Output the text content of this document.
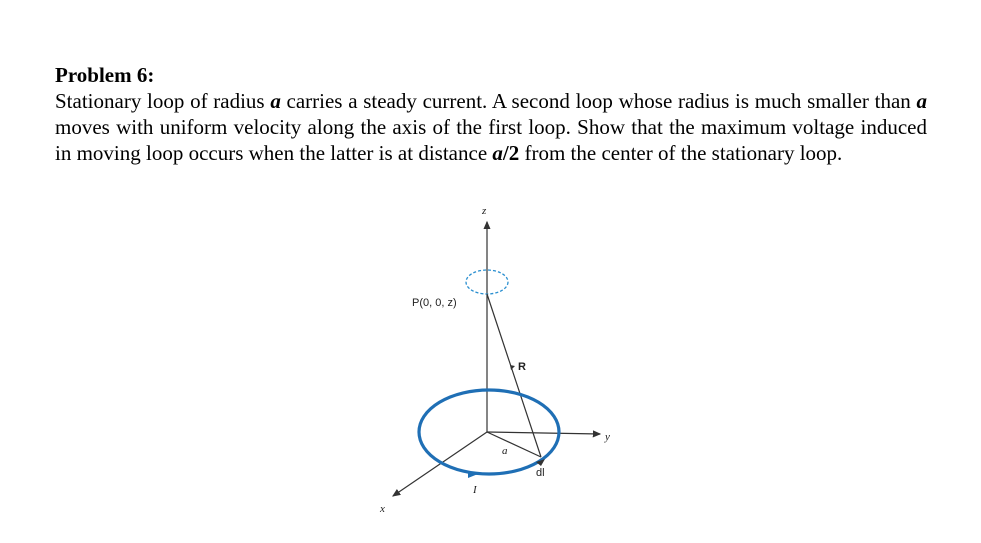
Problem 6:

Stationary loop of radius a carries a steady current. A second loop whose radius is much smaller than a moves with uniform velocity along the axis of the first loop. Show that the maximum voltage induced in moving loop occurs when the latter is at distance a/2 from the center of the stationary loop.

z
y
x
P(0, 0, z)
R
I
a
dl
